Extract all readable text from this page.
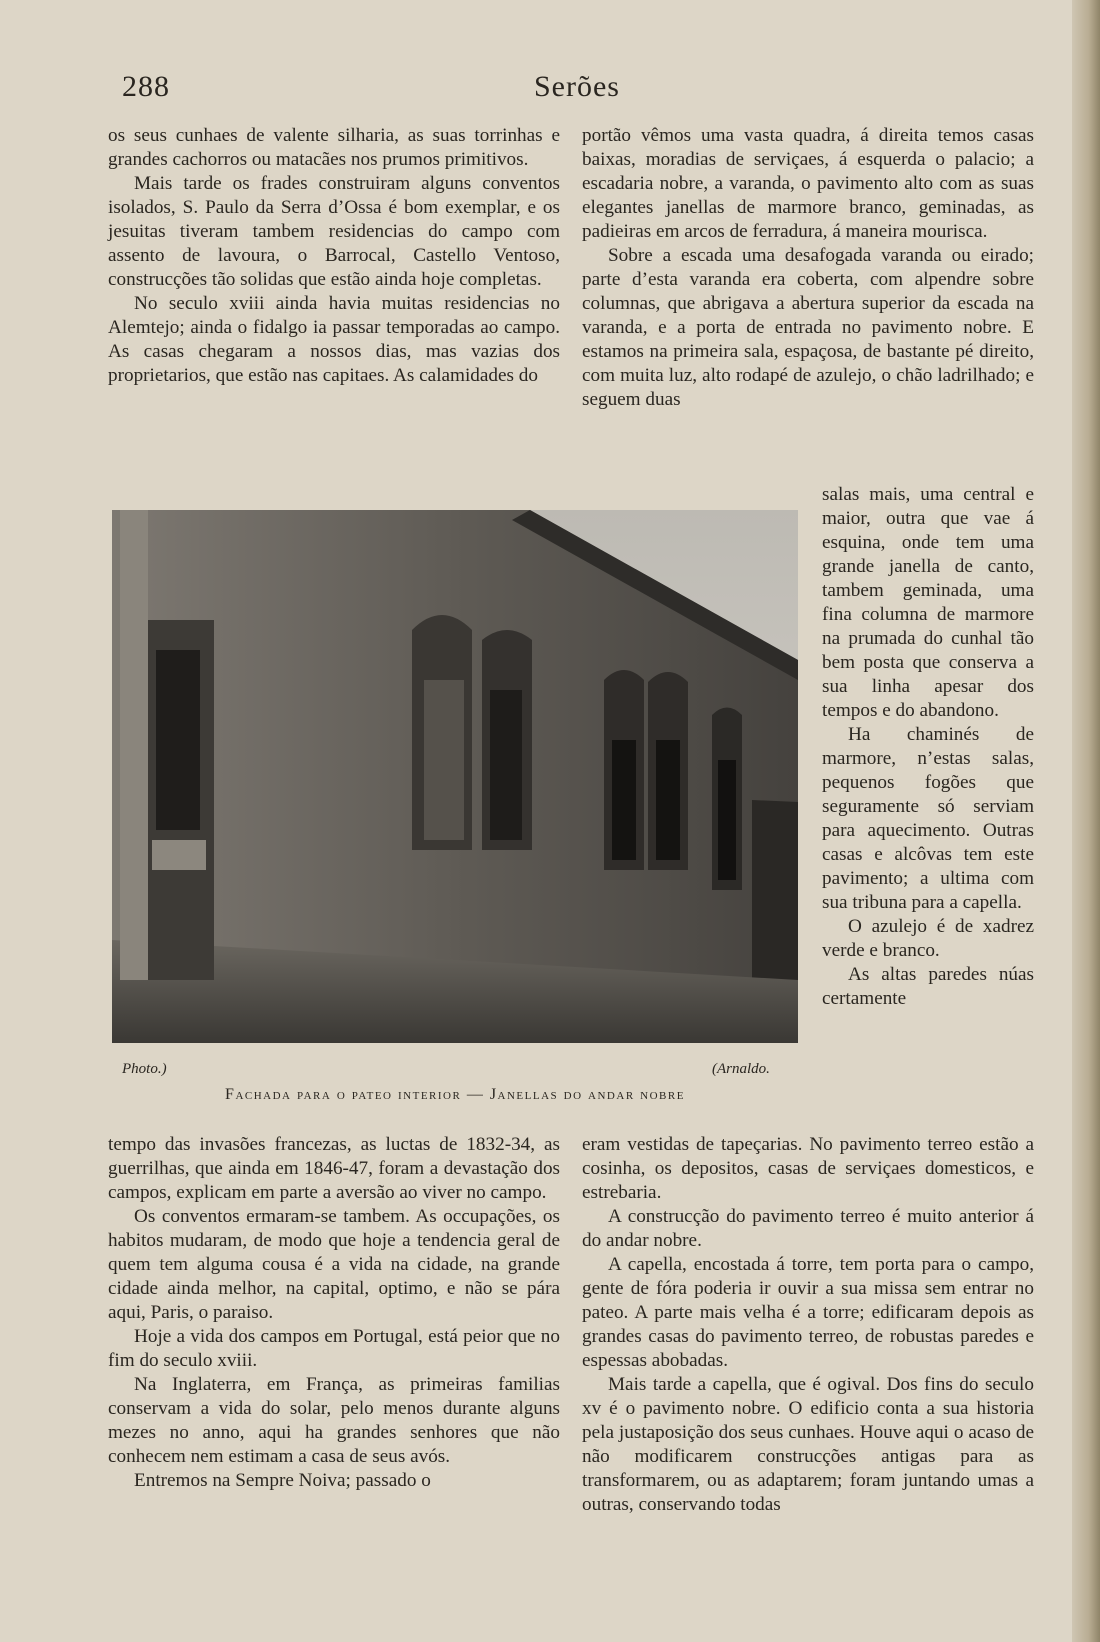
288	Serões

os seus cunhaes de valente silharia, as suas torrinhas e grandes cachorros ou matacães nos prumos primitivos.

Mais tarde os frades construiram alguns conventos isolados, S. Paulo da Serra d’Ossa é bom exemplar, e os jesuitas tiveram tambem residencias do campo com assento de lavoura, o Barrocal, Castello Ventoso, construcções tão solidas que estão ainda hoje completas.

No seculo xviii ainda havia muitas residencias no Alemtejo; ainda o fidalgo ia passar temporadas ao campo. As casas chegaram a nossos dias, mas vazias dos proprietarios, que estão nas capitaes. As calamidades do

portão vêmos uma vasta quadra, á direita temos casas baixas, moradias de serviçaes, á esquerda o palacio; a escadaria nobre, a varanda, o pavimento alto com as suas elegantes janellas de marmore branco, geminadas, as padieiras em arcos de ferradura, á maneira mourisca.

Sobre a escada uma desafogada varanda ou eirado; parte d’esta varanda era coberta, com alpendre sobre columnas, que abrigava a abertura superior da escada na varanda, e a porta de entrada no pavimento nobre. E estamos na primeira sala, espaçosa, de bastante pé direito, com muita luz, alto rodapé de azulejo, o chão ladrilhado; e seguem duas

Photo.)	(Arnaldo.
Fachada para o pateo interior — Janellas do andar nobre

salas mais, uma central e maior, outra que vae á esquina, onde tem uma grande janella de canto, tambem geminada, uma fina columna de marmore na prumada do cunhal tão bem posta que conserva a sua linha apesar dos tempos e do abandono.

Ha chaminés de marmore, n’estas salas, pequenos fogões que seguramente só serviam para aquecimento. Outras casas e alcôvas tem este pavimento; a ultima com sua tribuna para a capella.

O azulejo é de xadrez verde e branco.

As altas paredes núas certamente

tempo das invasões francezas, as luctas de 1832-34, as guerrilhas, que ainda em 1846-47, foram a devastação dos campos, explicam em parte a aversão ao viver no campo.

Os conventos ermaram-se tambem. As occupações, os habitos mudaram, de modo que hoje a tendencia geral de quem tem alguma cousa é a vida na cidade, na grande cidade ainda melhor, na capital, optimo, e não se pára aqui, Paris, o paraiso.

Hoje a vida dos campos em Portugal, está peior que no fim do seculo xviii.

Na Inglaterra, em França, as primeiras familias conservam a vida do solar, pelo menos durante alguns mezes no anno, aqui ha grandes senhores que não conhecem nem estimam a casa de seus avós.

Entremos na Sempre Noiva; passado o

eram vestidas de tapeçarias. No pavimento terreo estão a cosinha, os depositos, casas de serviçaes domesticos, e estrebaria.

A construcção do pavimento terreo é muito anterior á do andar nobre.

A capella, encostada á torre, tem porta para o campo, gente de fóra poderia ir ouvir a sua missa sem entrar no pateo. A parte mais velha é a torre; edificaram depois as grandes casas do pavimento terreo, de robustas paredes e espessas abobadas.

Mais tarde a capella, que é ogival. Dos fins do seculo xv é o pavimento nobre. O edificio conta a sua historia pela justaposição dos seus cunhaes. Houve aqui o acaso de não modificarem construcções antigas para as transformarem, ou as adaptarem; foram juntando umas a outras, conservando todas
